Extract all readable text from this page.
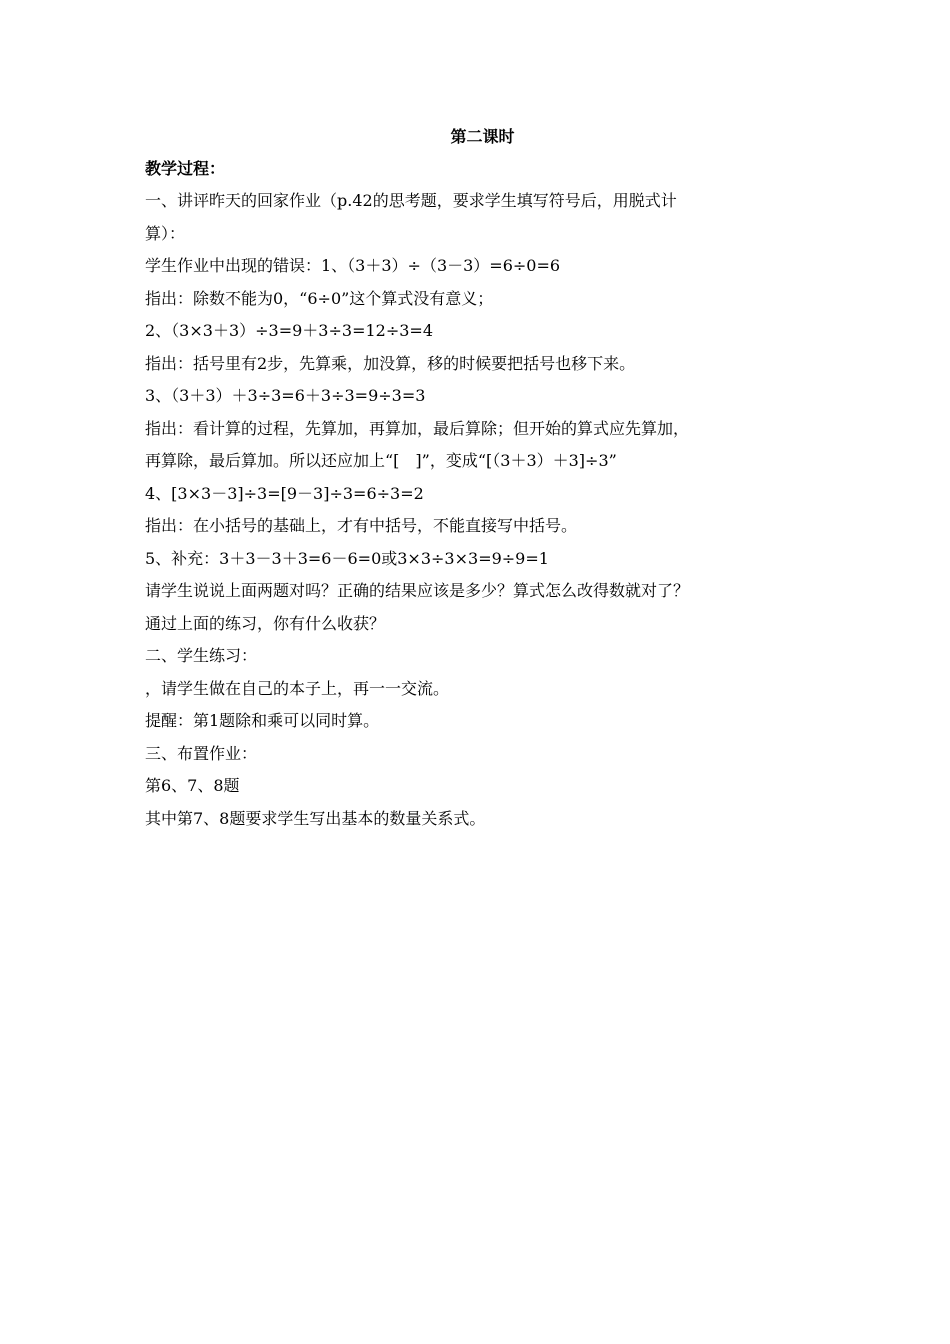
第二课时
教学过程：
一、讲评昨天的回家作业（p.42的思考题，要求学生填写符号后，用脱式计
算）：
学生作业中出现的错误：1、（3＋3）÷（3－3）=6÷0=6
指出：除数不能为0，“6÷0”这个算式没有意义；
2、（3×3＋3）÷3=9＋3÷3=12÷3=4
指出：括号里有2步，先算乘，加没算，移的时候要把括号也移下来。
3、（3＋3）＋3÷3=6＋3÷3=9÷3=3
指出：看计算的过程，先算加，再算加，最后算除；但开始的算式应先算加，
再算除，最后算加。所以还应加上“[　]”，变成“[（3＋3）＋3]÷3”
4、[3×3－3]÷3=[9－3]÷3=6÷3=2
指出：在小括号的基础上，才有中括号，不能直接写中括号。
5、补充：3＋3－3＋3=6－6=0或3×3÷3×3=9÷9=1
请学生说说上面两题对吗？正确的结果应该是多少？算式怎么改得数就对了？
通过上面的练习，你有什么收获？
二、学生练习：
，请学生做在自己的本子上，再一一交流。
提醒：第1题除和乘可以同时算。
三、布置作业：
第6、7、8题
其中第7、8题要求学生写出基本的数量关系式。
